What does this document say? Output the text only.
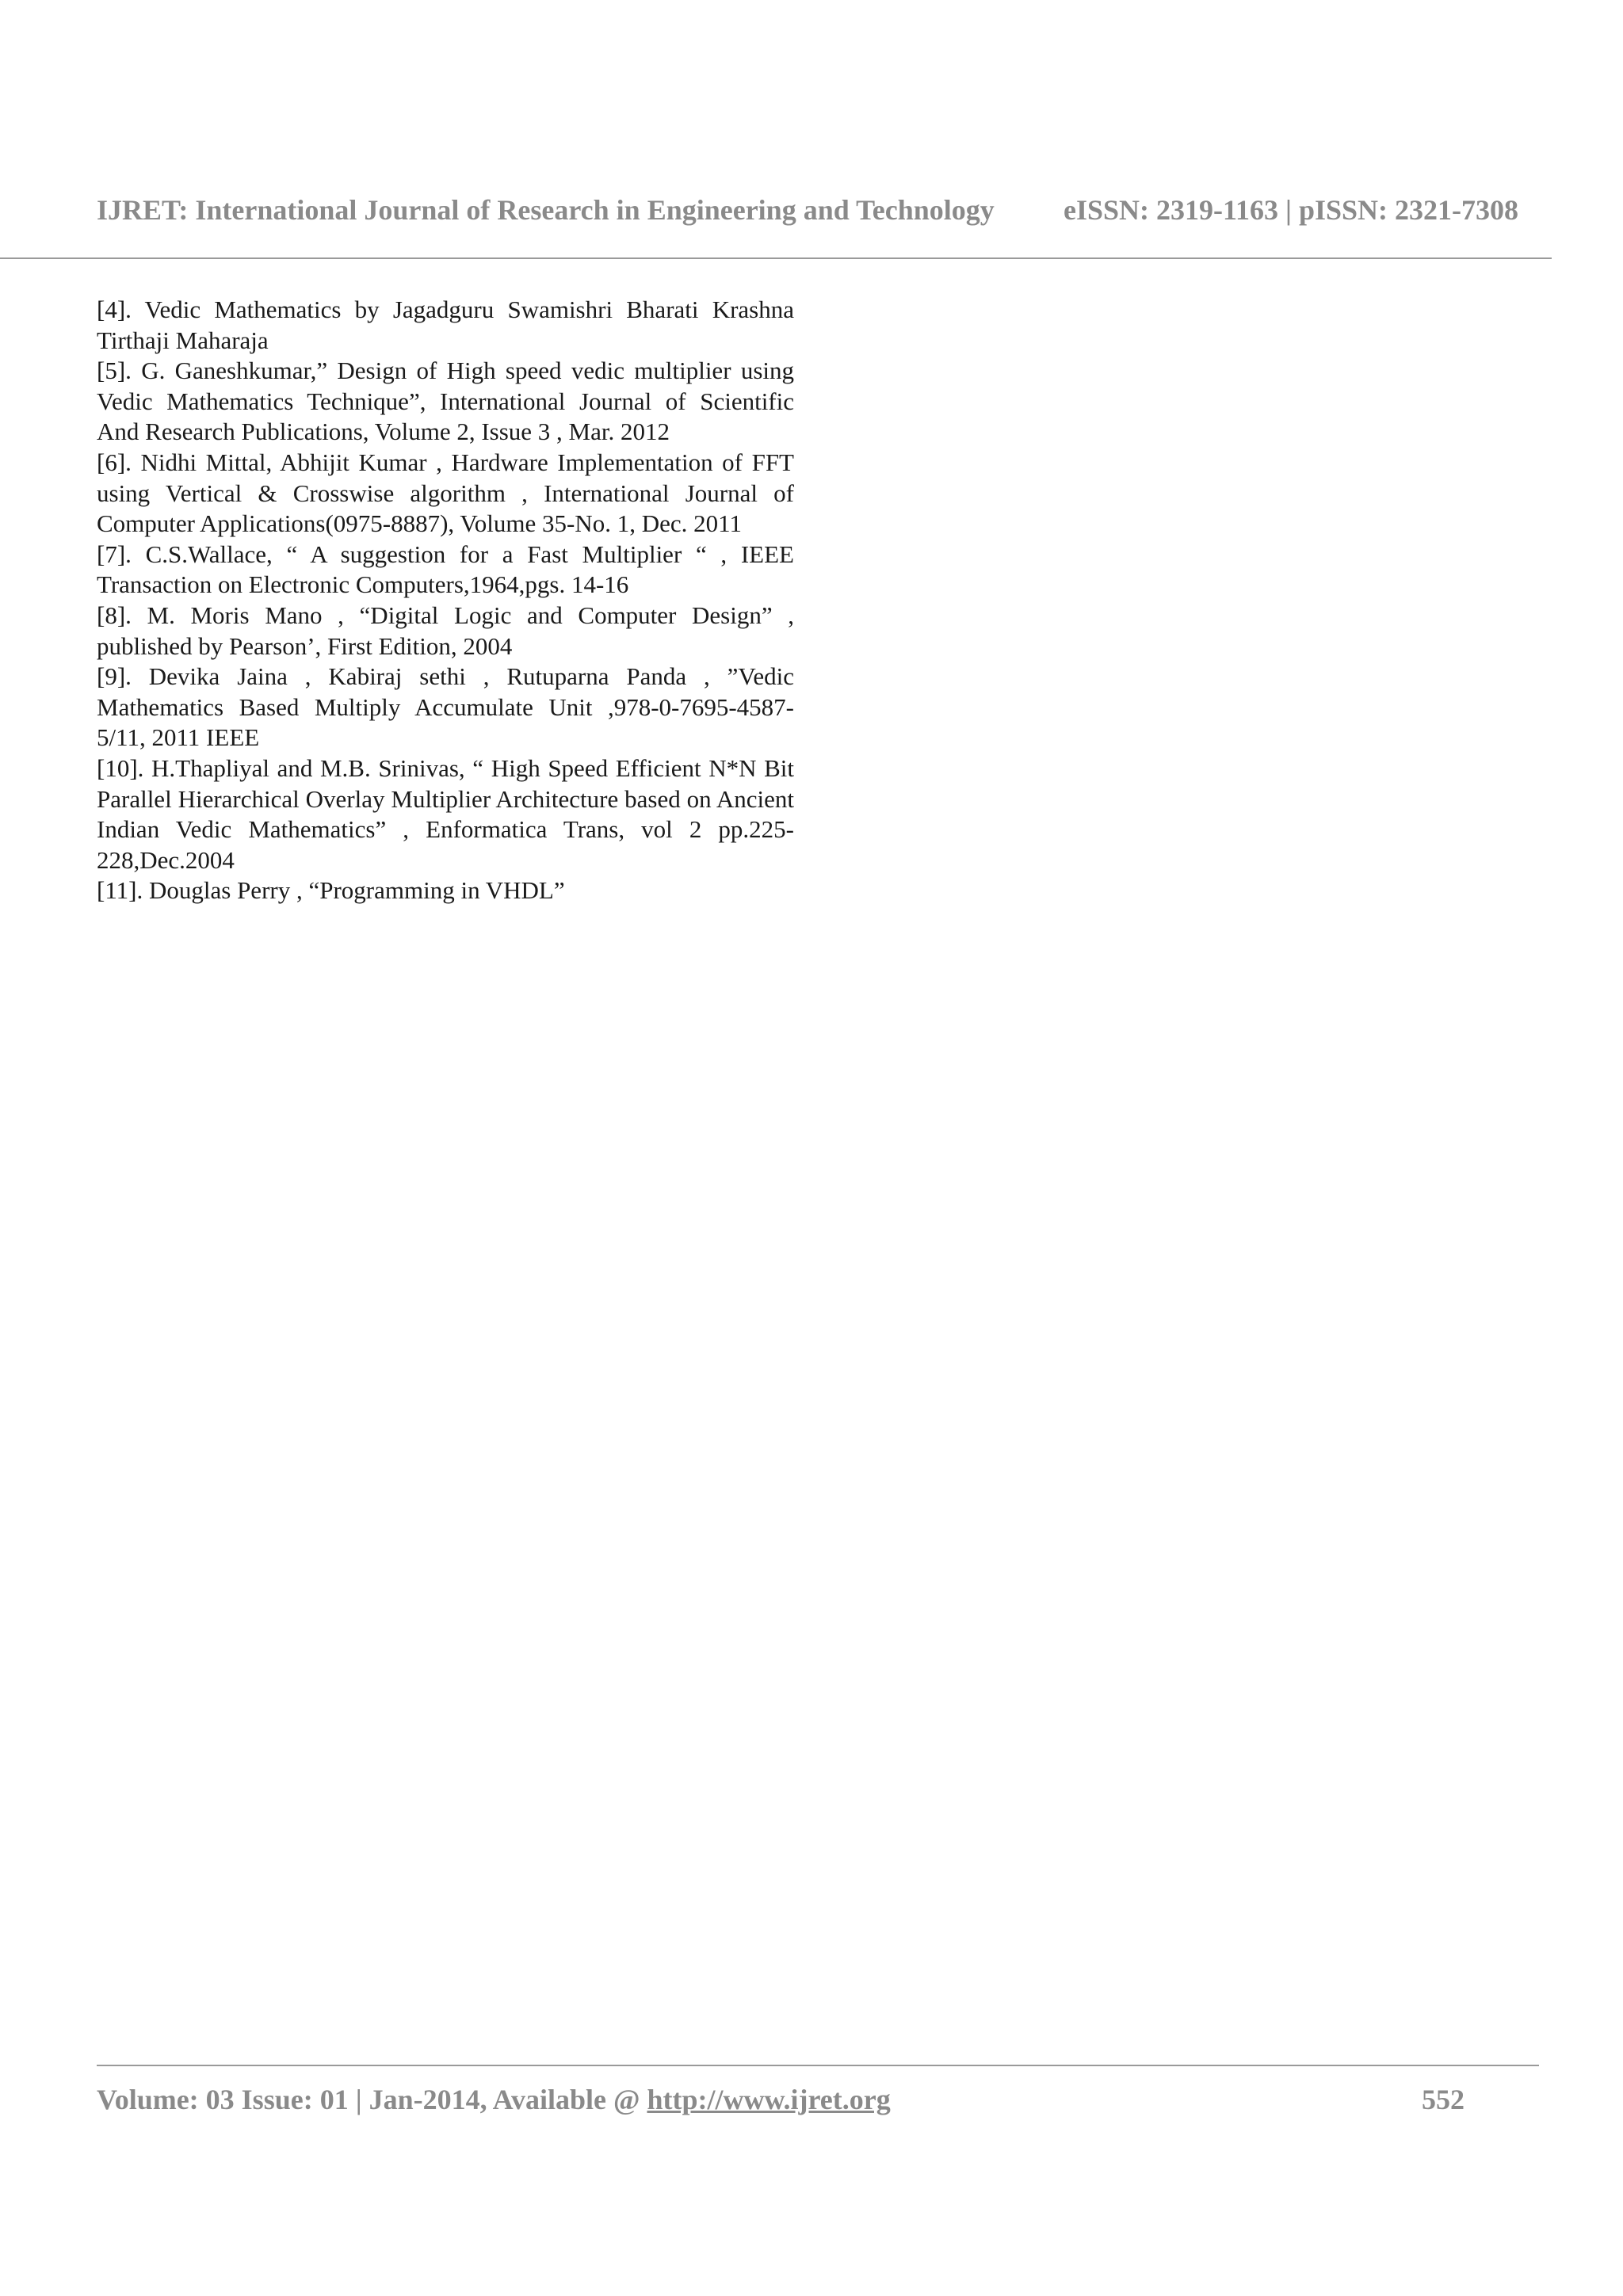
IJRET: International Journal of Research in Engineering and Technology eISSN: 2319-1163 | pISSN: 2321-7308

[4]. Vedic Mathematics by Jagadguru Swamishri Bharati Krashna Tirthaji Maharaja

[5]. G. Ganeshkumar,” Design of High speed vedic multiplier using Vedic Mathematics Technique”, International Journal of Scientific And Research Publications, Volume 2, Issue 3 , Mar. 2012

[6]. Nidhi Mittal, Abhijit Kumar , Hardware Implementation of FFT using Vertical & Crosswise algorithm , International Journal of Computer Applications(0975-8887), Volume 35-No. 1, Dec. 2011

[7]. C.S.Wallace, “ A suggestion for a Fast Multiplier “ , IEEE Transaction on Electronic Computers,1964,pgs. 14-16

[8]. M. Moris Mano , “Digital Logic and Computer Design” , published by Pearson’, First Edition, 2004

[9]. Devika Jaina , Kabiraj sethi , Rutuparna Panda , ”Vedic Mathematics Based Multiply Accumulate Unit ,978-0-7695-4587-5/11, 2011 IEEE

[10]. H.Thapliyal and M.B. Srinivas, “ High Speed Efficient N*N Bit Parallel Hierarchical Overlay Multiplier Architecture based on Ancient Indian Vedic Mathematics” , Enformatica Trans, vol 2 pp.225-228,Dec.2004

[11]. Douglas Perry , “Programming in VHDL”

Volume: 03 Issue: 01 | Jan-2014, Available @ http://www.ijret.org	552
